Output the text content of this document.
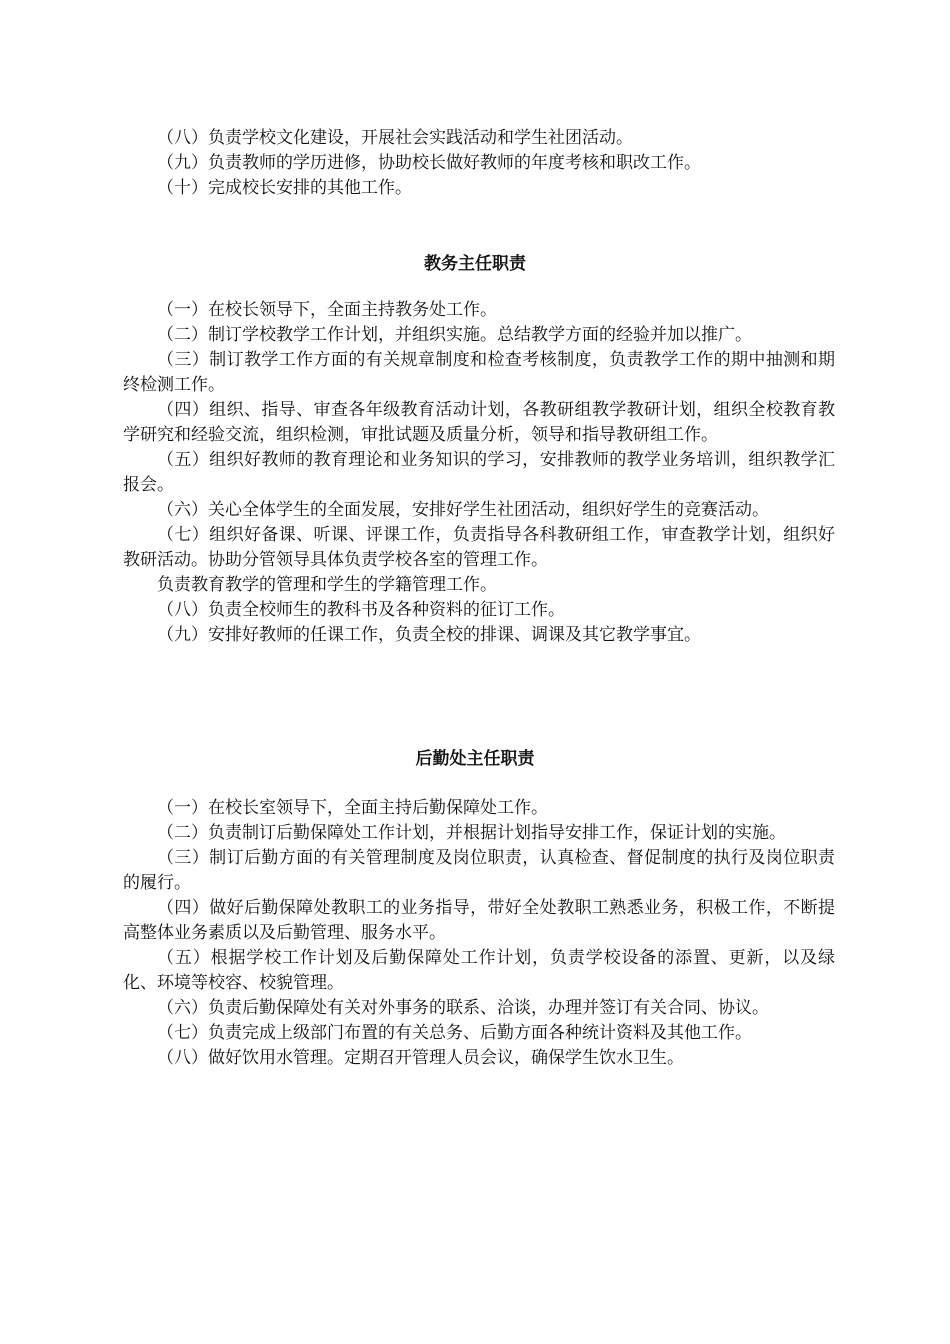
（八）负责学校文化建设，开展社会实践活动和学生社团活动。

（九）负责教师的学历进修，协助校长做好教师的年度考核和职改工作。

（十）完成校长安排的其他工作。

教务主任职责

（一）在校长领导下，全面主持教务处工作。

（二）制订学校教学工作计划，并组织实施。总结教学方面的经验并加以推广。

（三）制订教学工作方面的有关规章制度和检查考核制度，负责教学工作的期中抽测和期终检测工作。

（四）组织、指导、审查各年级教育活动计划，各教研组教学教研计划，组织全校教育教学研究和经验交流，组织检测，审批试题及质量分析，领导和指导教研组工作。

（五）组织好教师的教育理论和业务知识的学习，安排教师的教学业务培训，组织教学汇报会。

（六）关心全体学生的全面发展，安排好学生社团活动，组织好学生的竞赛活动。

（七）组织好备课、听课、评课工作，负责指导各科教研组工作，审查教学计划，组织好教研活动。协助分管领导具体负责学校各室的管理工作。

负责教育教学的管理和学生的学籍管理工作。

（八）负责全校师生的教科书及各种资料的征订工作。

（九）安排好教师的任课工作，负责全校的排课、调课及其它教学事宜。

后勤处主任职责

（一）在校长室领导下，全面主持后勤保障处工作。

（二）负责制订后勤保障处工作计划，并根据计划指导安排工作，保证计划的实施。

（三）制订后勤方面的有关管理制度及岗位职责，认真检查、督促制度的执行及岗位职责的履行。

（四）做好后勤保障处教职工的业务指导，带好全处教职工熟悉业务，积极工作，不断提高整体业务素质以及后勤管理、服务水平。

（五）根据学校工作计划及后勤保障处工作计划，负责学校设备的添置、更新，以及绿化、环境等校容、校貌管理。

（六）负责后勤保障处有关对外事务的联系、洽谈，办理并签订有关合同、协议。

（七）负责完成上级部门布置的有关总务、后勤方面各种统计资料及其他工作。

（八）做好饮用水管理。定期召开管理人员会议，确保学生饮水卫生。
